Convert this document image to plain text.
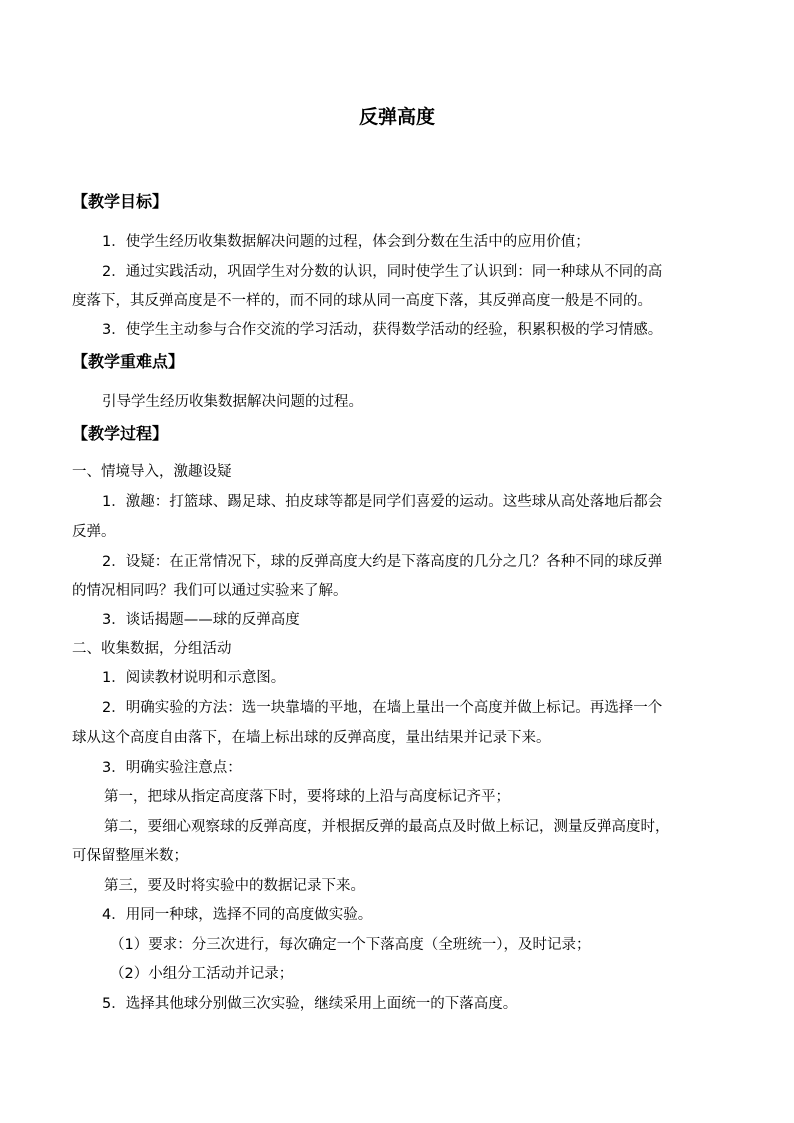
反弹高度
【教学目标】
1．使学生经历收集数据解决问题的过程，体会到分数在生活中的应用价值；
2．通过实践活动，巩固学生对分数的认识，同时使学生了认识到：同一种球从不同的高
度落下，其反弹高度是不一样的，而不同的球从同一高度下落，其反弹高度一般是不同的。
3．使学生主动参与合作交流的学习活动，获得数学活动的经验，积累积极的学习情感。
【教学重难点】
引导学生经历收集数据解决问题的过程。
【教学过程】
一、情境导入，激趣设疑
1．激趣：打篮球、踢足球、拍皮球等都是同学们喜爱的运动。这些球从高处落地后都会
反弹。
2．设疑：在正常情况下，球的反弹高度大约是下落高度的几分之几？各种不同的球反弹
的情况相同吗？我们可以通过实验来了解。
3．谈话揭题——球的反弹高度
二、收集数据，分组活动
1．阅读教材说明和示意图。
2．明确实验的方法：选一块靠墙的平地，在墙上量出一个高度并做上标记。再选择一个
球从这个高度自由落下，在墙上标出球的反弹高度，量出结果并记录下来。
3．明确实验注意点：
第一，把球从指定高度落下时，要将球的上沿与高度标记齐平；
第二，要细心观察球的反弹高度，并根据反弹的最高点及时做上标记，测量反弹高度时，
可保留整厘米数；
第三，要及时将实验中的数据记录下来。
4．用同一种球，选择不同的高度做实验。
（1）要求：分三次进行，每次确定一个下落高度（全班统一），及时记录；
（2）小组分工活动并记录；
5．选择其他球分别做三次实验，继续采用上面统一的下落高度。
